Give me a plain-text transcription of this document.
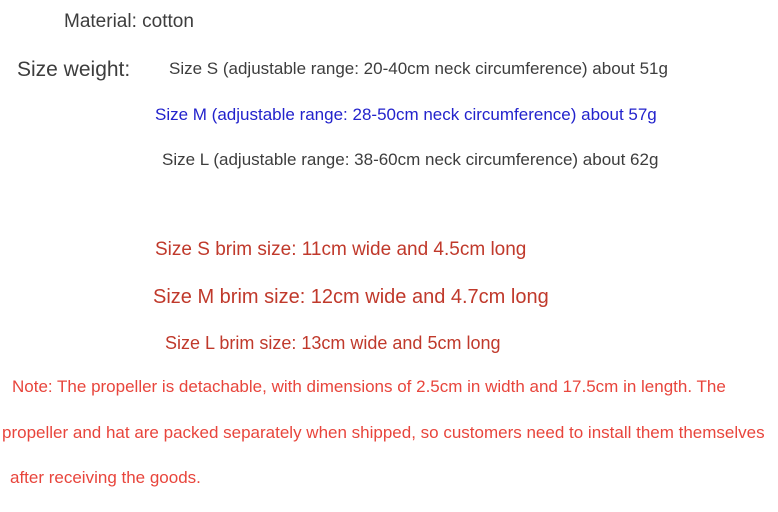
Material: cotton
Size weight: Size S (adjustable range: 20-40cm neck circumference) about 51g
Size M (adjustable range: 28-50cm neck circumference) about 57g
Size L (adjustable range: 38-60cm neck circumference) about 62g
Size S brim size: 11cm wide and 4.5cm long
Size M brim size: 12cm wide and 4.7cm long
Size L brim size: 13cm wide and 5cm long
Note: The propeller is detachable, with dimensions of 2.5cm in width and 17.5cm in length. The
propeller and hat are packed separately when shipped, so customers need to install them themselves
after receiving the goods.
